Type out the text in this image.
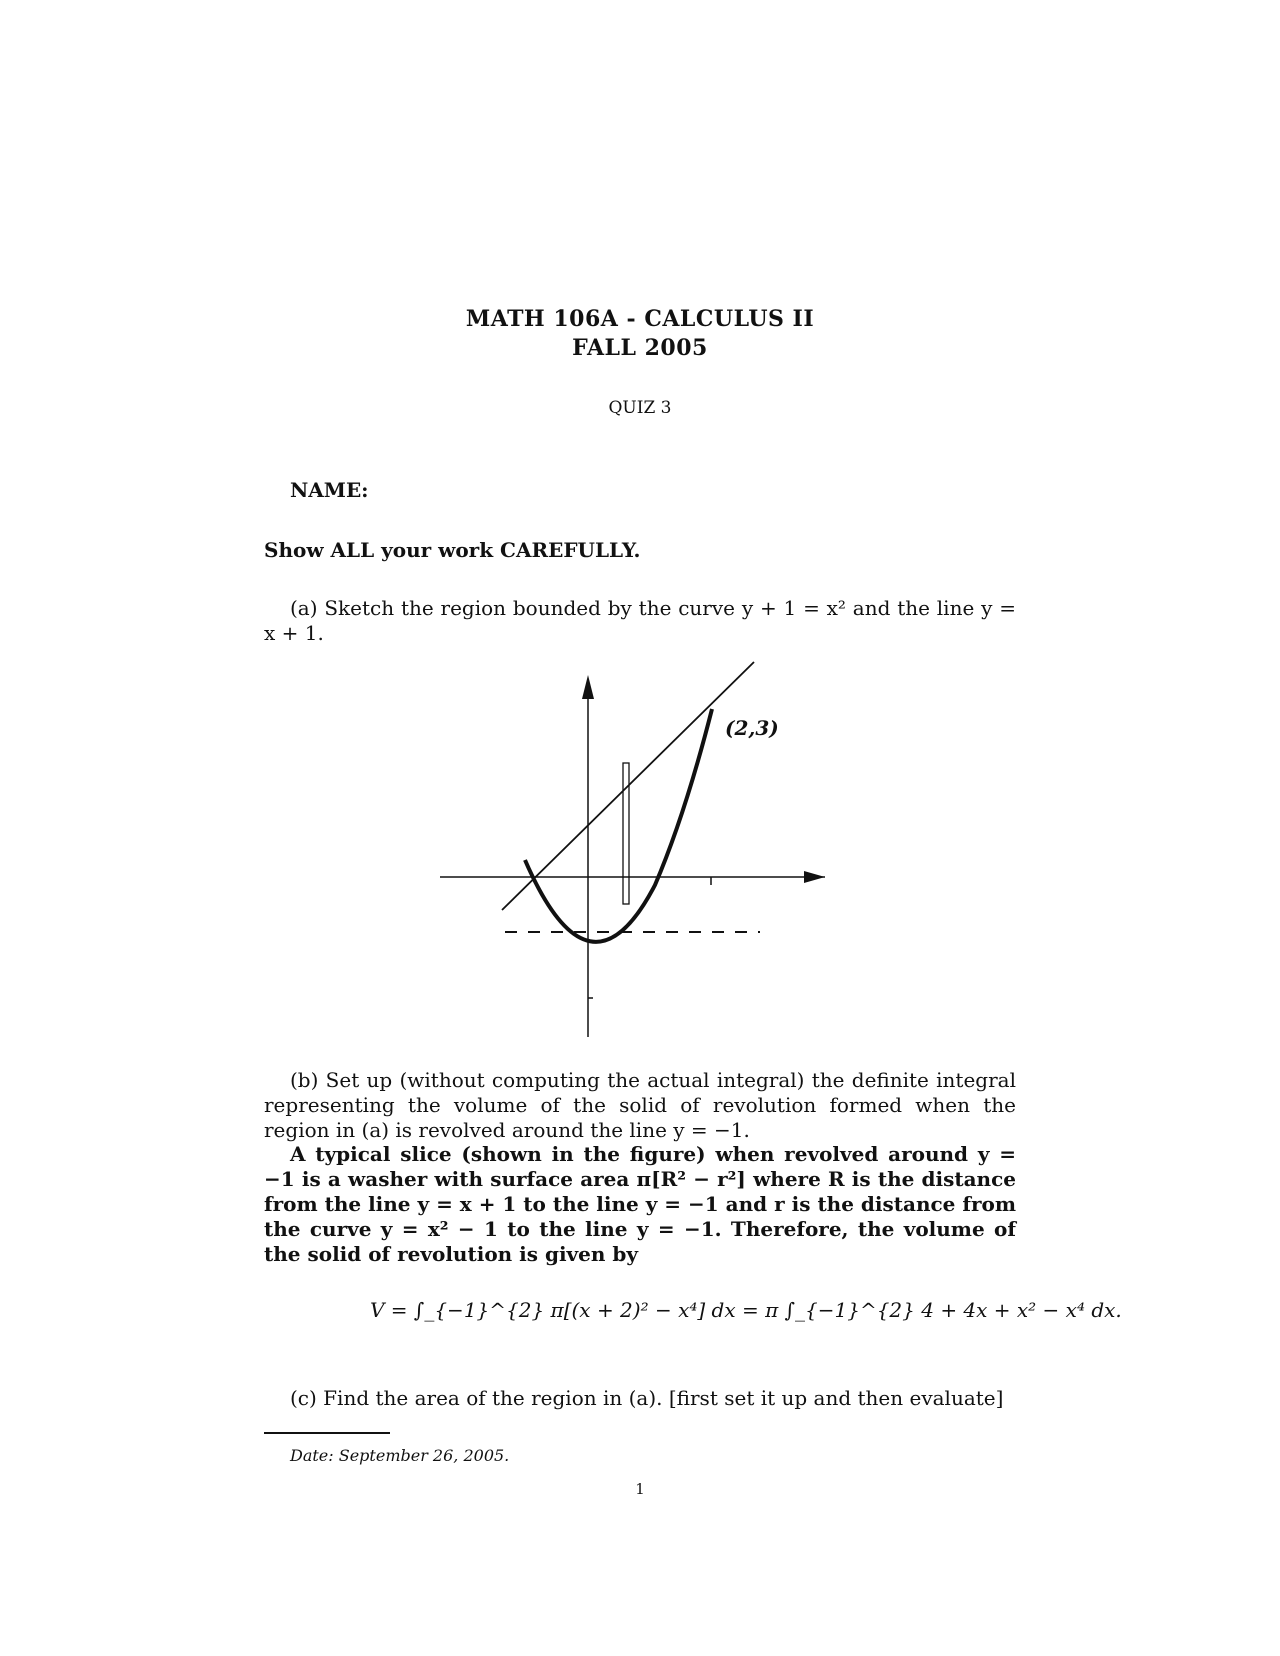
MATH 106A - CALCULUS II
FALL 2005
QUIZ 3
NAME:
Show ALL your work CAREFULLY.
(a) Sketch the region bounded by the curve y + 1 = x² and the line y = x + 1.
(2,3)
(b) Set up (without computing the actual integral) the definite integral representing the volume of the solid of revolution formed when the region in (a) is revolved around the line y = −1.
A typical slice (shown in the figure) when revolved around y = −1 is a washer with surface area π[R² − r²] where R is the distance from the line y = x + 1 to the line y = −1 and r is the distance from the curve y = x² − 1 to the line y = −1. Therefore, the volume of the solid of revolution is given by
V = ∫_{−1}^{2} π[(x + 2)² − x⁴] dx = π ∫_{−1}^{2} 4 + 4x + x² − x⁴ dx.
(c) Find the area of the region in (a). [first set it up and then evaluate]
Date: September 26, 2005.
1
